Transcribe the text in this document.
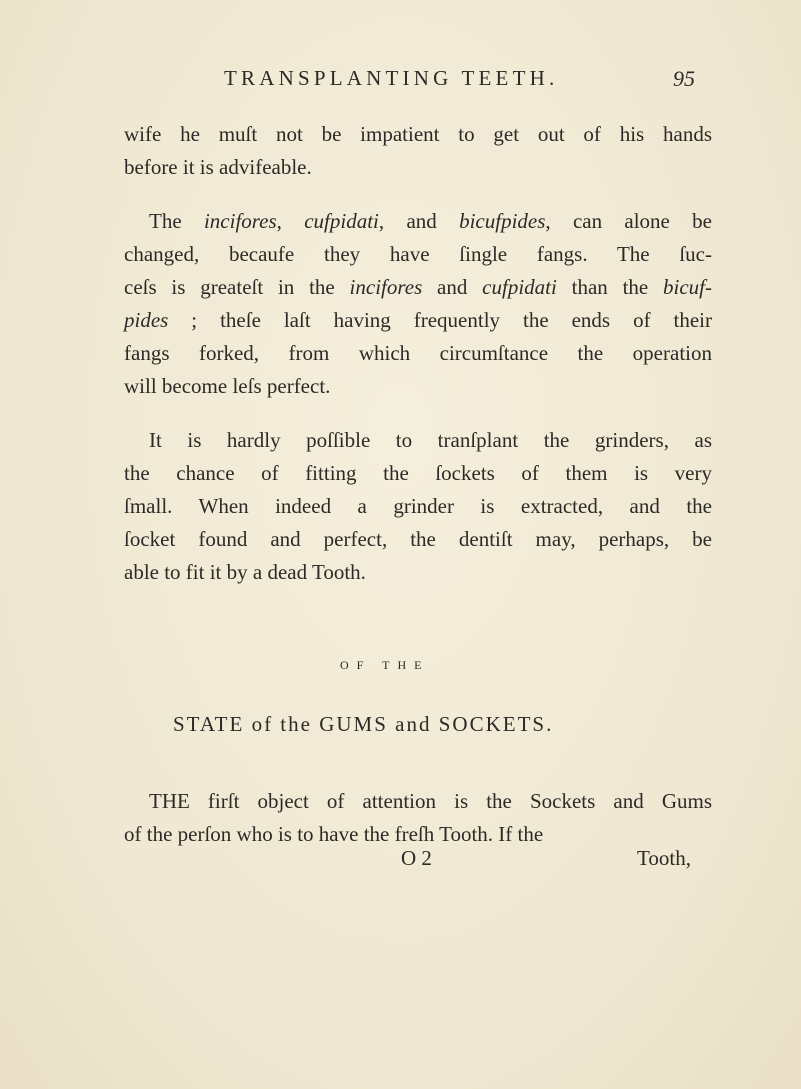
TRANSPLANTING TEETH.	95

wife he muſt not be impatient to get out of his hands
before it is advifeable.

The incifores, cufpidati, and bicufpides, can alone be
changed, becaufe they have ſingle fangs. The ſuc-
ceſs is greateſt in the incifores and cufpidati than the bicuf-
pides ; theſe laſt having frequently the ends of their
fangs forked, from which circumſtance the operation
will become leſs perfect.

It is hardly poſſible to tranſplant the grinders, as
the chance of fitting the ſockets of them is very
ſmall. When indeed a grinder is extracted, and the
ſocket found and perfect, the dentiſt may, perhaps, be
able to fit it by a dead Tooth.

OF THE
STATE of the GUMS and SOCKETS.

THE firſt object of attention is the Sockets and Gums
of the perſon who is to have the freſh Tooth. If the

O 2	Tooth,
